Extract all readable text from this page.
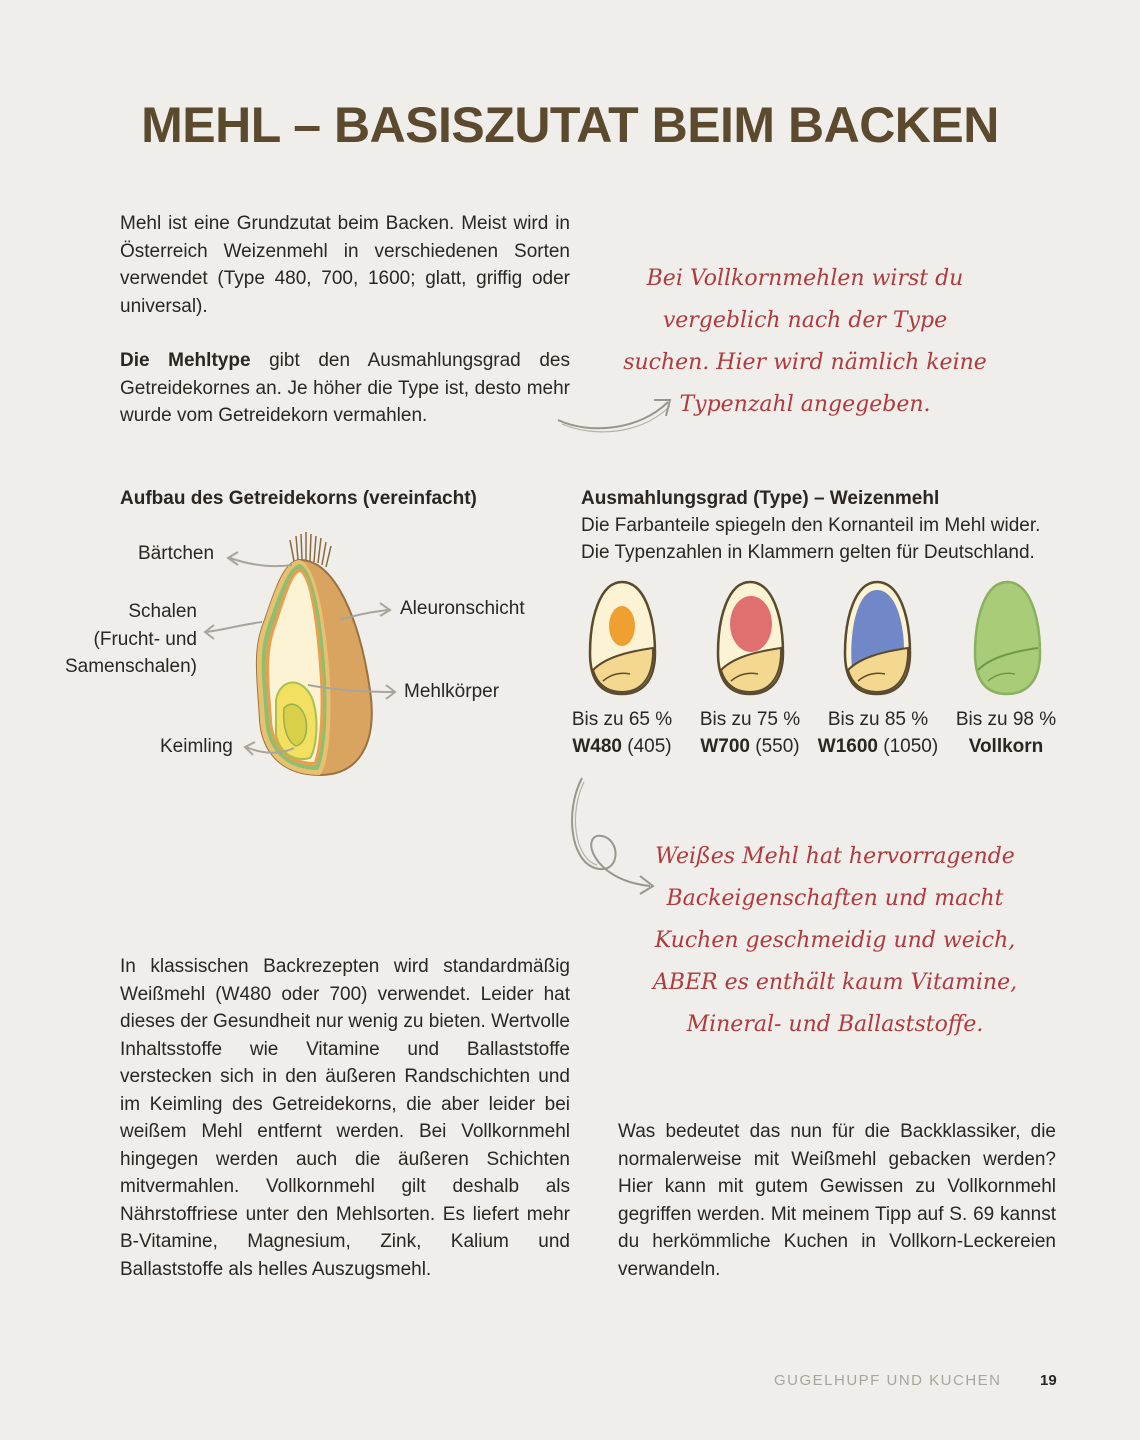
MEHL – BASISZUTAT BEIM BACKEN
Mehl ist eine Grundzutat beim Backen. Meist wird in Österreich Weizenmehl in verschiedenen Sorten verwendet (Type 480, 700, 1600; glatt, griffig oder universal).
Die Mehltype gibt den Ausmahlungsgrad des Getreidekornes an. Je höher die Type ist, desto mehr wurde vom Getreidekorn vermahlen.
Bei Vollkornmehlen wirst du
vergeblich nach der Type
suchen. Hier wird nämlich keine
Typenzahl angegeben.
Aufbau des Getreidekorns (vereinfacht)
Bärtchen
Schalen
(Frucht- und
Samenschalen)
Aleuronschicht
Mehlkörper
Keimling
Ausmahlungsgrad (Type) – Weizenmehl
Die Farbanteile spiegeln den Kornanteil im Mehl wider.
Die Typenzahlen in Klammern gelten für Deutschland.
Bis zu 65 %
W480 (405)
Bis zu 75 %
W700 (550)
Bis zu 85 %
W1600 (1050)
Bis zu 98 %
Vollkorn
Weißes Mehl hat hervorragende
Backeigenschaften und macht
Kuchen geschmeidig und weich,
ABER es enthält kaum Vitamine,
Mineral- und Ballaststoffe.
In klassischen Backrezepten wird standardmäßig Weißmehl (W480 oder 700) verwendet. Leider hat dieses der Gesundheit nur wenig zu bieten. Wertvolle Inhaltsstoffe wie Vitamine und Ballaststoffe verstecken sich in den äußeren Randschichten und im Keimling des Getreidekorns, die aber leider bei weißem Mehl entfernt werden. Bei Vollkornmehl hingegen werden auch die äußeren Schichten mitvermahlen. Vollkornmehl gilt deshalb als Nährstoffriese unter den Mehlsorten. Es liefert mehr B-Vitamine, Magnesium, Zink, Kalium und Ballaststoffe als helles Auszugsmehl.
Was bedeutet das nun für die Backklassiker, die normalerweise mit Weißmehl gebacken werden? Hier kann mit gutem Gewissen zu Vollkornmehl gegriffen werden. Mit meinem Tipp auf S. 69 kannst du herkömmliche Kuchen in Vollkorn-Leckereien verwandeln.
GUGELHUPF UND KUCHEN	19
